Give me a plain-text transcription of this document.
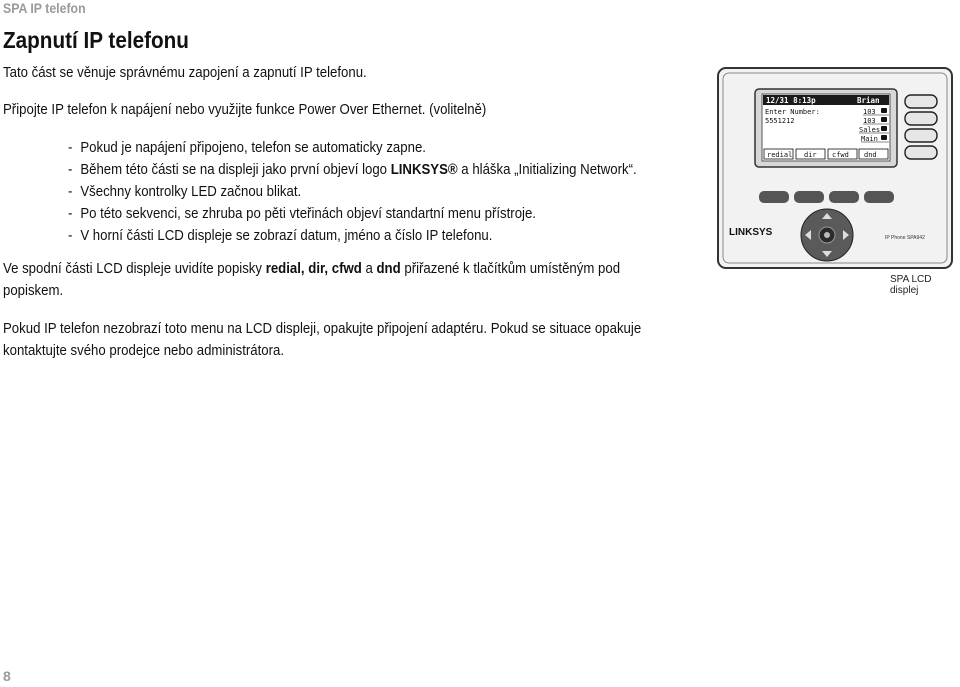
SPA IP telefon
Zapnutí IP telefonu
Tato část se věnuje správnému zapojení a zapnutí IP telefonu.
Připojte IP telefon k napájení nebo využijte funkce Power Over Ethernet. (volitelně)
- Pokud je napájení připojeno, telefon se automaticky zapne.
- Během této části se na displeji jako první objeví logo LINKSYS® a hláška „Initializing Network“.
- Všechny kontrolky LED začnou blikat.
- Po této sekvenci, se zhruba po pěti vteřinách objeví standartní menu přístroje.
- V horní části LCD displeje se zobrazí datum, jméno a číslo IP telefonu.
Ve spodní části LCD displeje uvidíte popisky redial, dir, cfwd a dnd přiřazené k tlačítkům umístěným pod
popiskem.
Pokud IP telefon nezobrazí toto menu na LCD displeji, opakujte připojení adaptéru. Pokud se situace opakuje
kontaktujte svého prodejce nebo administrátora.
12/31 8:13p	Brian
Enter Number:
5551212
103
103
Sales
Main
redial dir cfwd dnd
LINKSYS	IP Phone SPA942
SPA LCD displej
8
